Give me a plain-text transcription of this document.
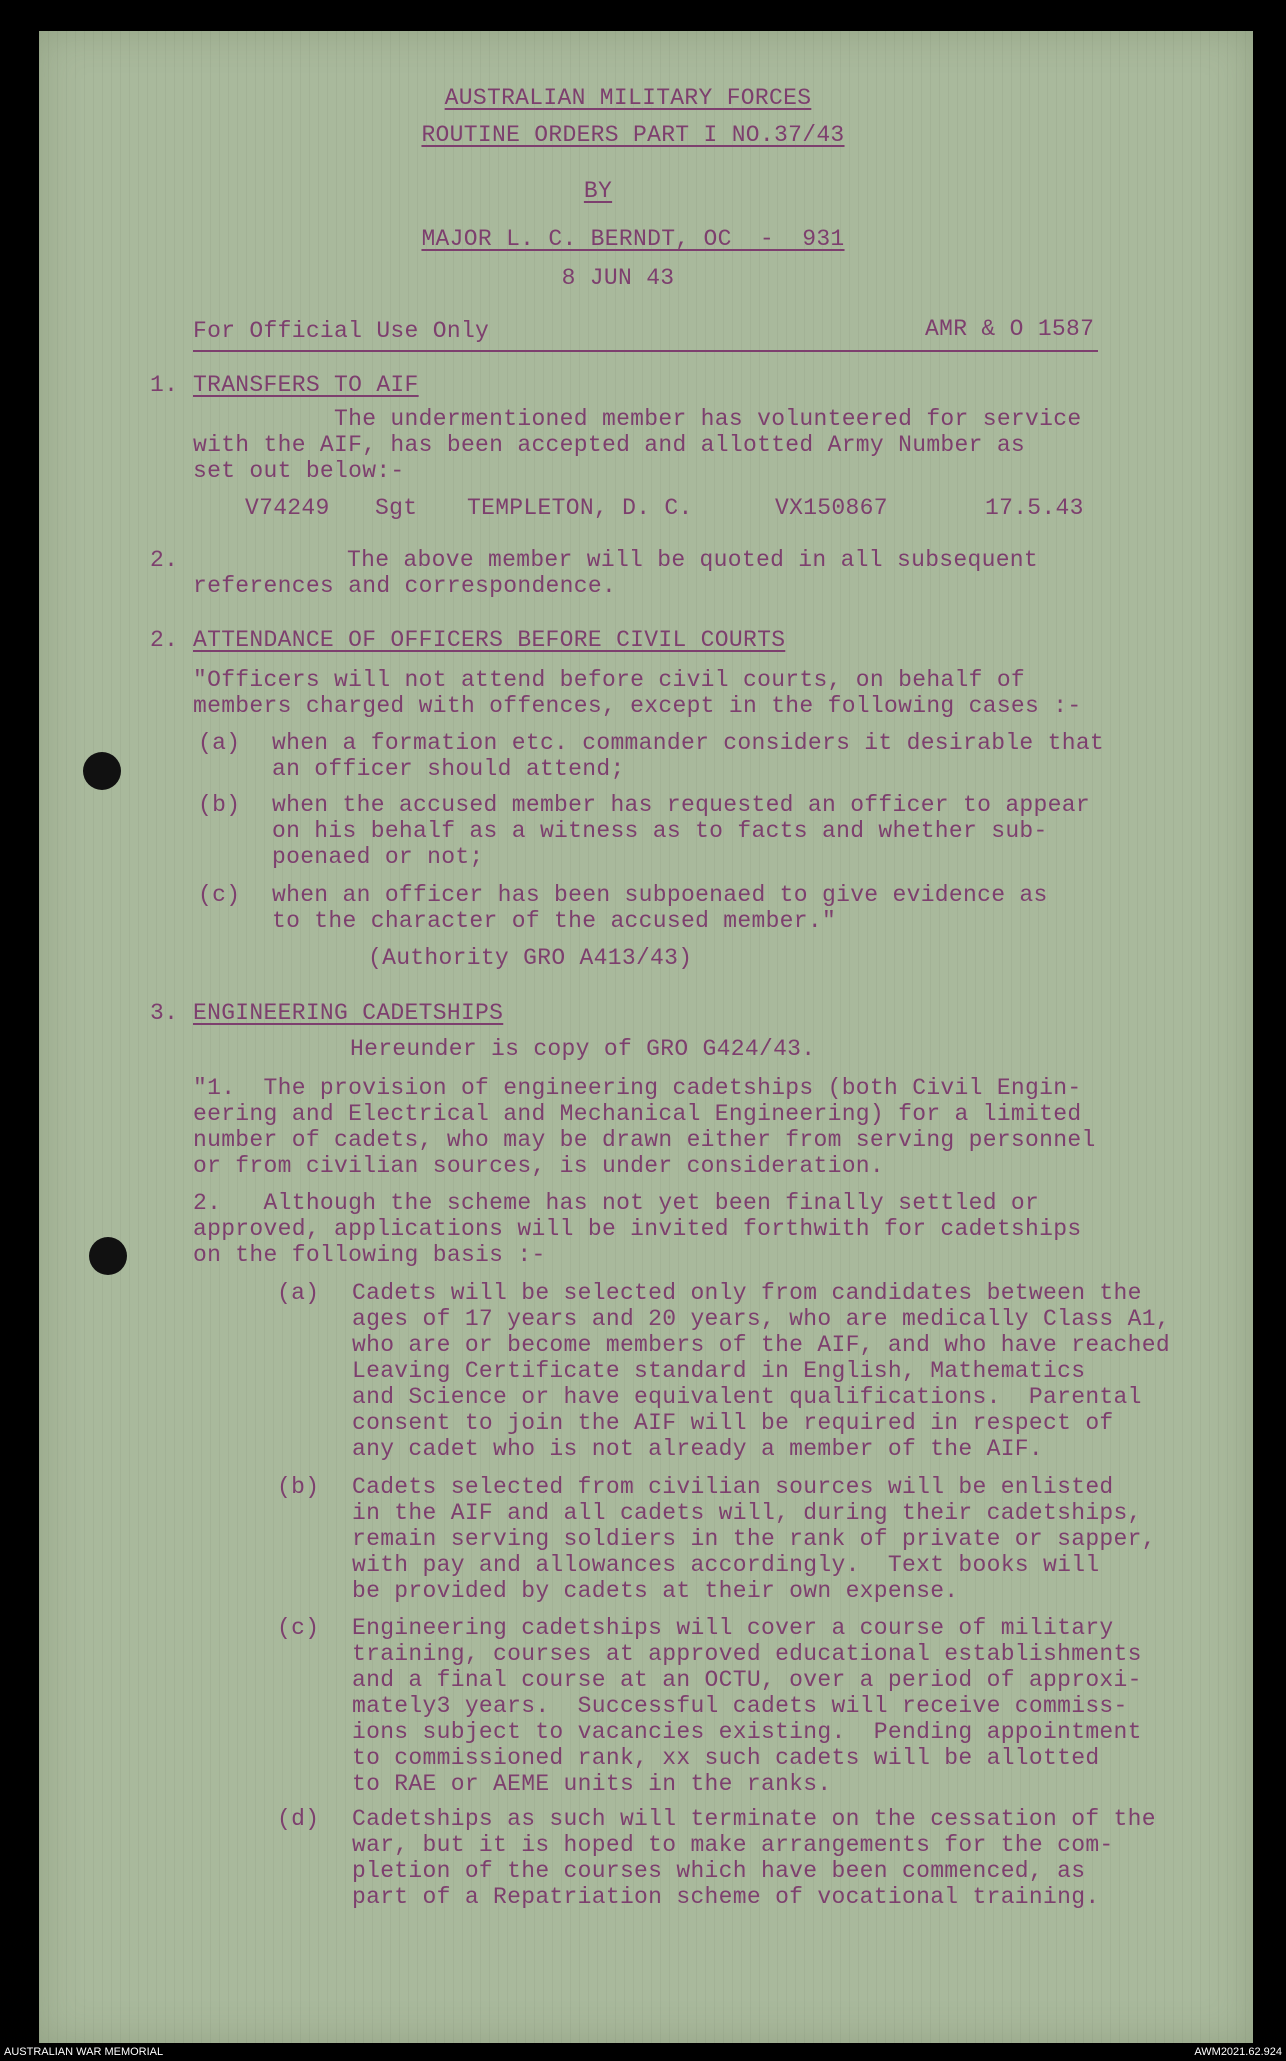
AUSTRALIAN MILITARY FORCES
ROUTINE ORDERS PART I NO.37/43
BY
MAJOR L. C. BERNDT, OC  -  931
8 JUN 43
For Official Use Only	AMR & O 1587
1. TRANSFERS TO AIF
The undermentioned member has volunteered for service
with the AIF, has been accepted and allotted Army Number as
set out below:-
V74249 Sgt TEMPLETON, D. C.	VX150867	17.5.43
2.	The above member will be quoted in all subsequent
references and correspondence.
2. ATTENDANCE OF OFFICERS BEFORE CIVIL COURTS
"Officers will not attend before civil courts, on behalf of
members charged with offences, except in the following cases :-
(a) when a formation etc. commander considers it desirable that
an officer should attend;
(b) when the accused member has requested an officer to appear
on his behalf as a witness as to facts and whether sub-
poenaed or not;
(c) when an officer has been subpoenaed to give evidence as
to the character of the accused member."
(Authority GRO A413/43)
3. ENGINEERING CADETSHIPS
Hereunder is copy of GRO G424/43.
"1.  The provision of engineering cadetships (both Civil Engin-
eering and Electrical and Mechanical Engineering) for a limited
number of cadets, who may be drawn either from serving personnel
or from civilian sources, is under consideration.
2.   Although the scheme has not yet been finally settled or
approved, applications will be invited forthwith for cadetships
on the following basis :-
(a) Cadets will be selected only from candidates between the
ages of 17 years and 20 years, who are medically Class A1,
who are or become members of the AIF, and who have reached
Leaving Certificate standard in English, Mathematics
and Science or have equivalent qualifications.  Parental
consent to join the AIF will be required in respect of
any cadet who is not already a member of the AIF.
(b) Cadets selected from civilian sources will be enlisted
in the AIF and all cadets will, during their cadetships,
remain serving soldiers in the rank of private or sapper,
with pay and allowances accordingly.  Text books will
be provided by cadets at their own expense.
(c) Engineering cadetships will cover a course of military
training, courses at approved educational establishments
and a final course at an OCTU, over a period of approxi-
mately3 years.  Successful cadets will receive commiss-
ions subject to vacancies existing.  Pending appointment
to commissioned rank, xx such cadets will be allotted
to RAE or AEME units in the ranks.
(d) Cadetships as such will terminate on the cessation of the
war, but it is hoped to make arrangements for the com-
pletion of the courses which have been commenced, as
part of a Repatriation scheme of vocational training.
AUSTRALIAN WAR MEMORIAL	AWM2021.62.924
